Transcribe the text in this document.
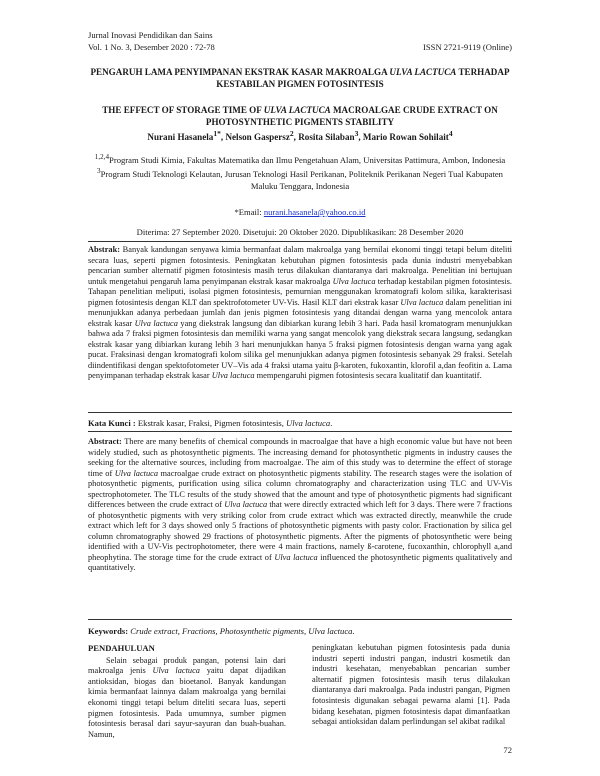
Jurnal Inovasi Pendidikan dan Sains
Vol. 1 No. 3, Desember 2020 : 72-78	ISSN 2721-9119 (Online)
PENGARUH LAMA PENYIMPANAN EKSTRAK KASAR MAKROALGA ULVA LACTUCA TERHADAP KESTABILAN PIGMEN FOTOSINTESIS
THE EFFECT OF STORAGE TIME OF ULVA LACTUCA MACROALGAE CRUDE EXTRACT ON PHOTOSYNTHETIC PIGMENTS STABILITY
Nurani Hasanela$^{1*}$, Nelson Gaspersz$^2$, Rosita Silaban$^3$, Mario Rowan Sohilait$^4$
$^{1,2,4}$Program Studi Kimia, Fakultas Matematika dan Ilmu Pengetahuan Alam, Universitas Pattimura, Ambon, Indonesia
$^3$Program Studi Teknologi Kelautan, Jurusan Teknologi Hasil Perikanan, Politeknik Perikanan Negeri Tual Kabupaten Maluku Tenggara, Indonesia
*Email: nurani.hasanela@yahoo.co.id
Diterima: 27 September 2020. Disetujui: 20 Oktober 2020. Dipublikasikan: 28 Desember 2020
Abstrak: Banyak kandungan senyawa kimia bermanfaat dalam makroalga yang bernilai ekonomi tinggi tetapi belum diteliti secara luas, seperti pigmen fotosintesis. Peningkatan kebutuhan pigmen fotosintesis pada dunia industri menyebabkan pencarian sumber alternatif pigmen fotosintesis masih terus dilakukan diantaranya dari makroalga. Penelitian ini bertujuan untuk mengetahui pengaruh lama penyimpanan ekstrak kasar makroalga Ulva lactuca terhadap kestabilan pigmen fotosintesis. Tahapan penelitian meliputi, isolasi pigmen fotosintesis, pemurnian menggunakan kromatografi kolom silika, karakterisasi pigmen fotosintesis dengan KLT dan spektrofotometer UV-Vis. Hasil KLT dari ekstrak kasar Ulva lactuca dalam penelitian ini menunjukkan adanya perbedaan jumlah dan jenis pigmen fotosintesis yang ditandai dengan warna yang mencolok antara ekstrak kasar Ulva lactuca yang diekstrak langsung dan dibiarkan kurang lebih 3 hari. Pada hasil kromatogram menunjukkan bahwa ada 7 fraksi pigmen fotosintesis dan memiliki warna yang sangat mencolok yang diekstrak secara langsung, sedangkan ekstrak kasar yang dibiarkan kurang lebih 3 hari menunjukkan hanya 5 fraksi pigmen fotosintesis dengan warna yang agak pucat. Fraksinasi dengan kromatografi kolom silika gel menunjukkan adanya pigmen fotosintesis sebanyak 29 fraksi. Setelah diindentifikasi dengan spektofotometer UV–Vis ada 4 fraksi utama yaitu β-karoten, fukoxantin, klorofil a,dan feofitin a. Lama penyimpanan terhadap ekstrak kasar Ulva lactuca mempengaruhi pigmen fotosintesis secara kualitatif dan kuantitatif.
Kata Kunci : Ekstrak kasar, Fraksi, Pigmen fotosintesis, Ulva lactuca.
Abstract: There are many benefits of chemical compounds in macroalgae that have a high economic value but have not been widely studied, such as photosynthetic pigments. The increasing demand for photosynthetic pigments in industry causes the seeking for the alternative sources, including from macroalgae. The aim of this study was to determine the effect of storage time of Ulva lactuca macroalgae crude extract on photosynthetic pigments stability. The research stages were the isolation of photosynthetic pigments, purification using silica column chromatography and characterization using TLC and UV-Vis spectrophotometer. The TLC results of the study showed that the amount and type of photosynthetic pigments had significant differences between the crude extract of Ulva lactuca that were directly extracted which left for 3 days. There were 7 fractions of photosynthetic pigments with very striking color from crude extract which was extracted directly, meanwhile the crude extract which left for 3 days showed only 5 fractions of photosynthetic pigments with pasty color. Fractionation by silica gel column chromatography showed 29 fractions of photosynthetic pigments. After the pigments of photosynthetic were being identified with a UV-Vis pectrophotometer, there were 4 main fractions, namely ß-carotene, fucoxanthin, chlorophyll a,and pheophytina. The storage time for the crude extract of Ulva lactuca influenced the photosynthetic pigments qualitatively and quantitatively.
Keywords: Crude extract, Fractions, Photosynthetic pigments, Ulva lactuca.
PENDAHULUAN

Selain sebagai produk pangan, potensi lain dari makroalga jenis Ulva lactuca yaitu dapat dijadikan antioksidan, biogas dan bioetanol. Banyak kandungan kimia bermanfaat lainnya dalam makroalga yang bernilai ekonomi tinggi tetapi belum diteliti secara luas, seperti pigmen fotosintesis. Pada umumnya, sumber pigmen fotosintesis berasal dari sayur-sayuran dan buah-buahan. Namun,

peningkatan kebutuhan pigmen fotosintesis pada dunia industri seperti industri pangan, industri kosmetik dan industri kesehatan, menyebabkan pencarian sumber alternatif pigmen fotosintesis masih terus dilakukan diantaranya dari makroalga. Pada industri pangan, Pigmen fotosintesis digunakan sebagai pewarna alami [1]. Pada bidang kesehatan, pigmen fotosintesis dapat dimanfaatkan sebagai antioksidan dalam perlindungan sel akibat radikal

72
